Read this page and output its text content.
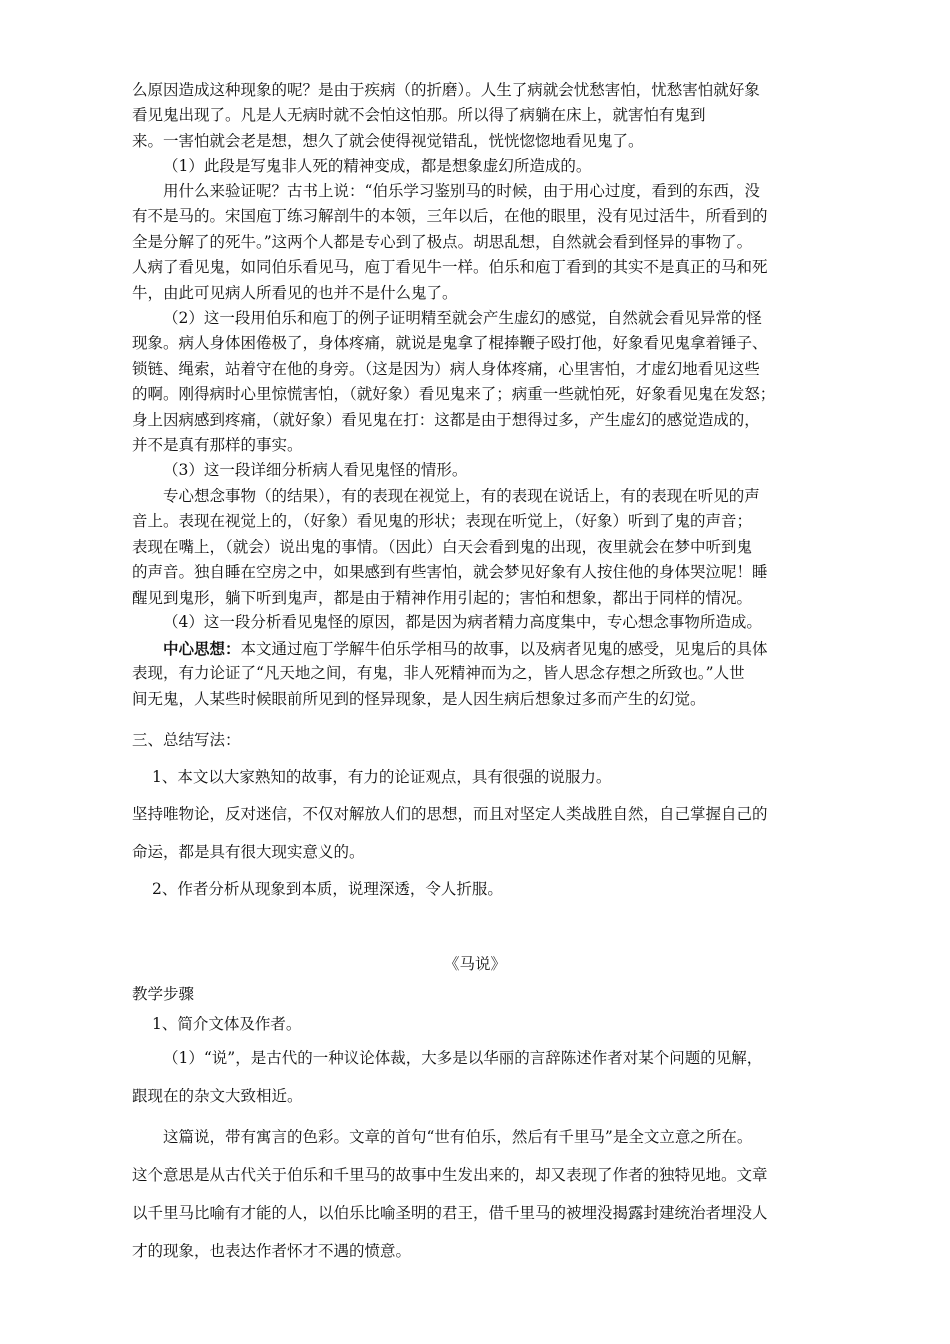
么原因造成这种现象的呢？是由于疾病（的折磨）。人生了病就会忧愁害怕，忧愁害怕就好象
看见鬼出现了。凡是人无病时就不会怕这怕那。所以得了病躺在床上，就害怕有鬼到
来。一害怕就会老是想，想久了就会使得视觉错乱，恍恍惚惚地看见鬼了。
（1）此段是写鬼非人死的精神变成，都是想象虚幻所造成的。
用什么来验证呢？古书上说：“伯乐学习鉴别马的时候，由于用心过度，看到的东西，没
有不是马的。宋国庖丁练习解剖牛的本领，三年以后，在他的眼里，没有见过活牛，所看到的
全是分解了的死牛。”这两个人都是专心到了极点。胡思乱想，自然就会看到怪异的事物了。
人病了看见鬼，如同伯乐看见马，庖丁看见牛一样。伯乐和庖丁看到的其实不是真正的马和死
牛，由此可见病人所看见的也并不是什么鬼了。
（2）这一段用伯乐和庖丁的例子证明精至就会产生虚幻的感觉，自然就会看见异常的怪
现象。病人身体困倦极了，身体疼痛，就说是鬼拿了棍捧鞭子殴打他，好象看见鬼拿着锤子、
锁链、绳索，站着守在他的身旁。（这是因为）病人身体疼痛，心里害怕，才虚幻地看见这些
的啊。刚得病时心里惊慌害怕，（就好象）看见鬼来了；病重一些就怕死，好象看见鬼在发怒；
身上因病感到疼痛，（就好象）看见鬼在打：这都是由于想得过多，产生虚幻的感觉造成的，
并不是真有那样的事实。
（3）这一段详细分析病人看见鬼怪的情形。
专心想念事物（的结果），有的表现在视觉上，有的表现在说话上，有的表现在听见的声
音上。表现在视觉上的，（好象）看见鬼的形状；表现在听觉上，（好象）听到了鬼的声音；
表现在嘴上，（就会）说出鬼的事情。（因此）白天会看到鬼的出现，夜里就会在梦中听到鬼
的声音。独自睡在空房之中，如果感到有些害怕，就会梦见好象有人按住他的身体哭泣呢！睡
醒见到鬼形，躺下听到鬼声，都是由于精神作用引起的；害怕和想象，都出于同样的情况。
（4）这一段分析看见鬼怪的原因，都是因为病者精力高度集中，专心想念事物所造成。
中心思想：本文通过庖丁学解牛伯乐学相马的故事，以及病者见鬼的感受，见鬼后的具体
表现，有力论证了“凡天地之间，有鬼，非人死精神而为之，皆人思念存想之所致也。”人世
间无鬼，人某些时候眼前所见到的怪异现象，是人因生病后想象过多而产生的幻觉。
三、总结写法：
1、本文以大家熟知的故事，有力的论证观点，具有很强的说服力。
坚持唯物论，反对迷信，不仅对解放人们的思想，而且对坚定人类战胜自然，自己掌握自己的
命运，都是具有很大现实意义的。
2、作者分析从现象到本质，说理深透，令人折服。
《马说》
教学步骤
1、简介文体及作者。
（1）“说”，是古代的一种议论体裁，大多是以华丽的言辞陈述作者对某个问题的见解，
跟现在的杂文大致相近。
这篇说，带有寓言的色彩。文章的首句“世有伯乐，然后有千里马”是全文立意之所在。
这个意思是从古代关于伯乐和千里马的故事中生发出来的，却又表现了作者的独特见地。文章
以千里马比喻有才能的人，以伯乐比喻圣明的君王，借千里马的被埋没揭露封建统治者埋没人
才的现象，也表达作者怀才不遇的愤意。
